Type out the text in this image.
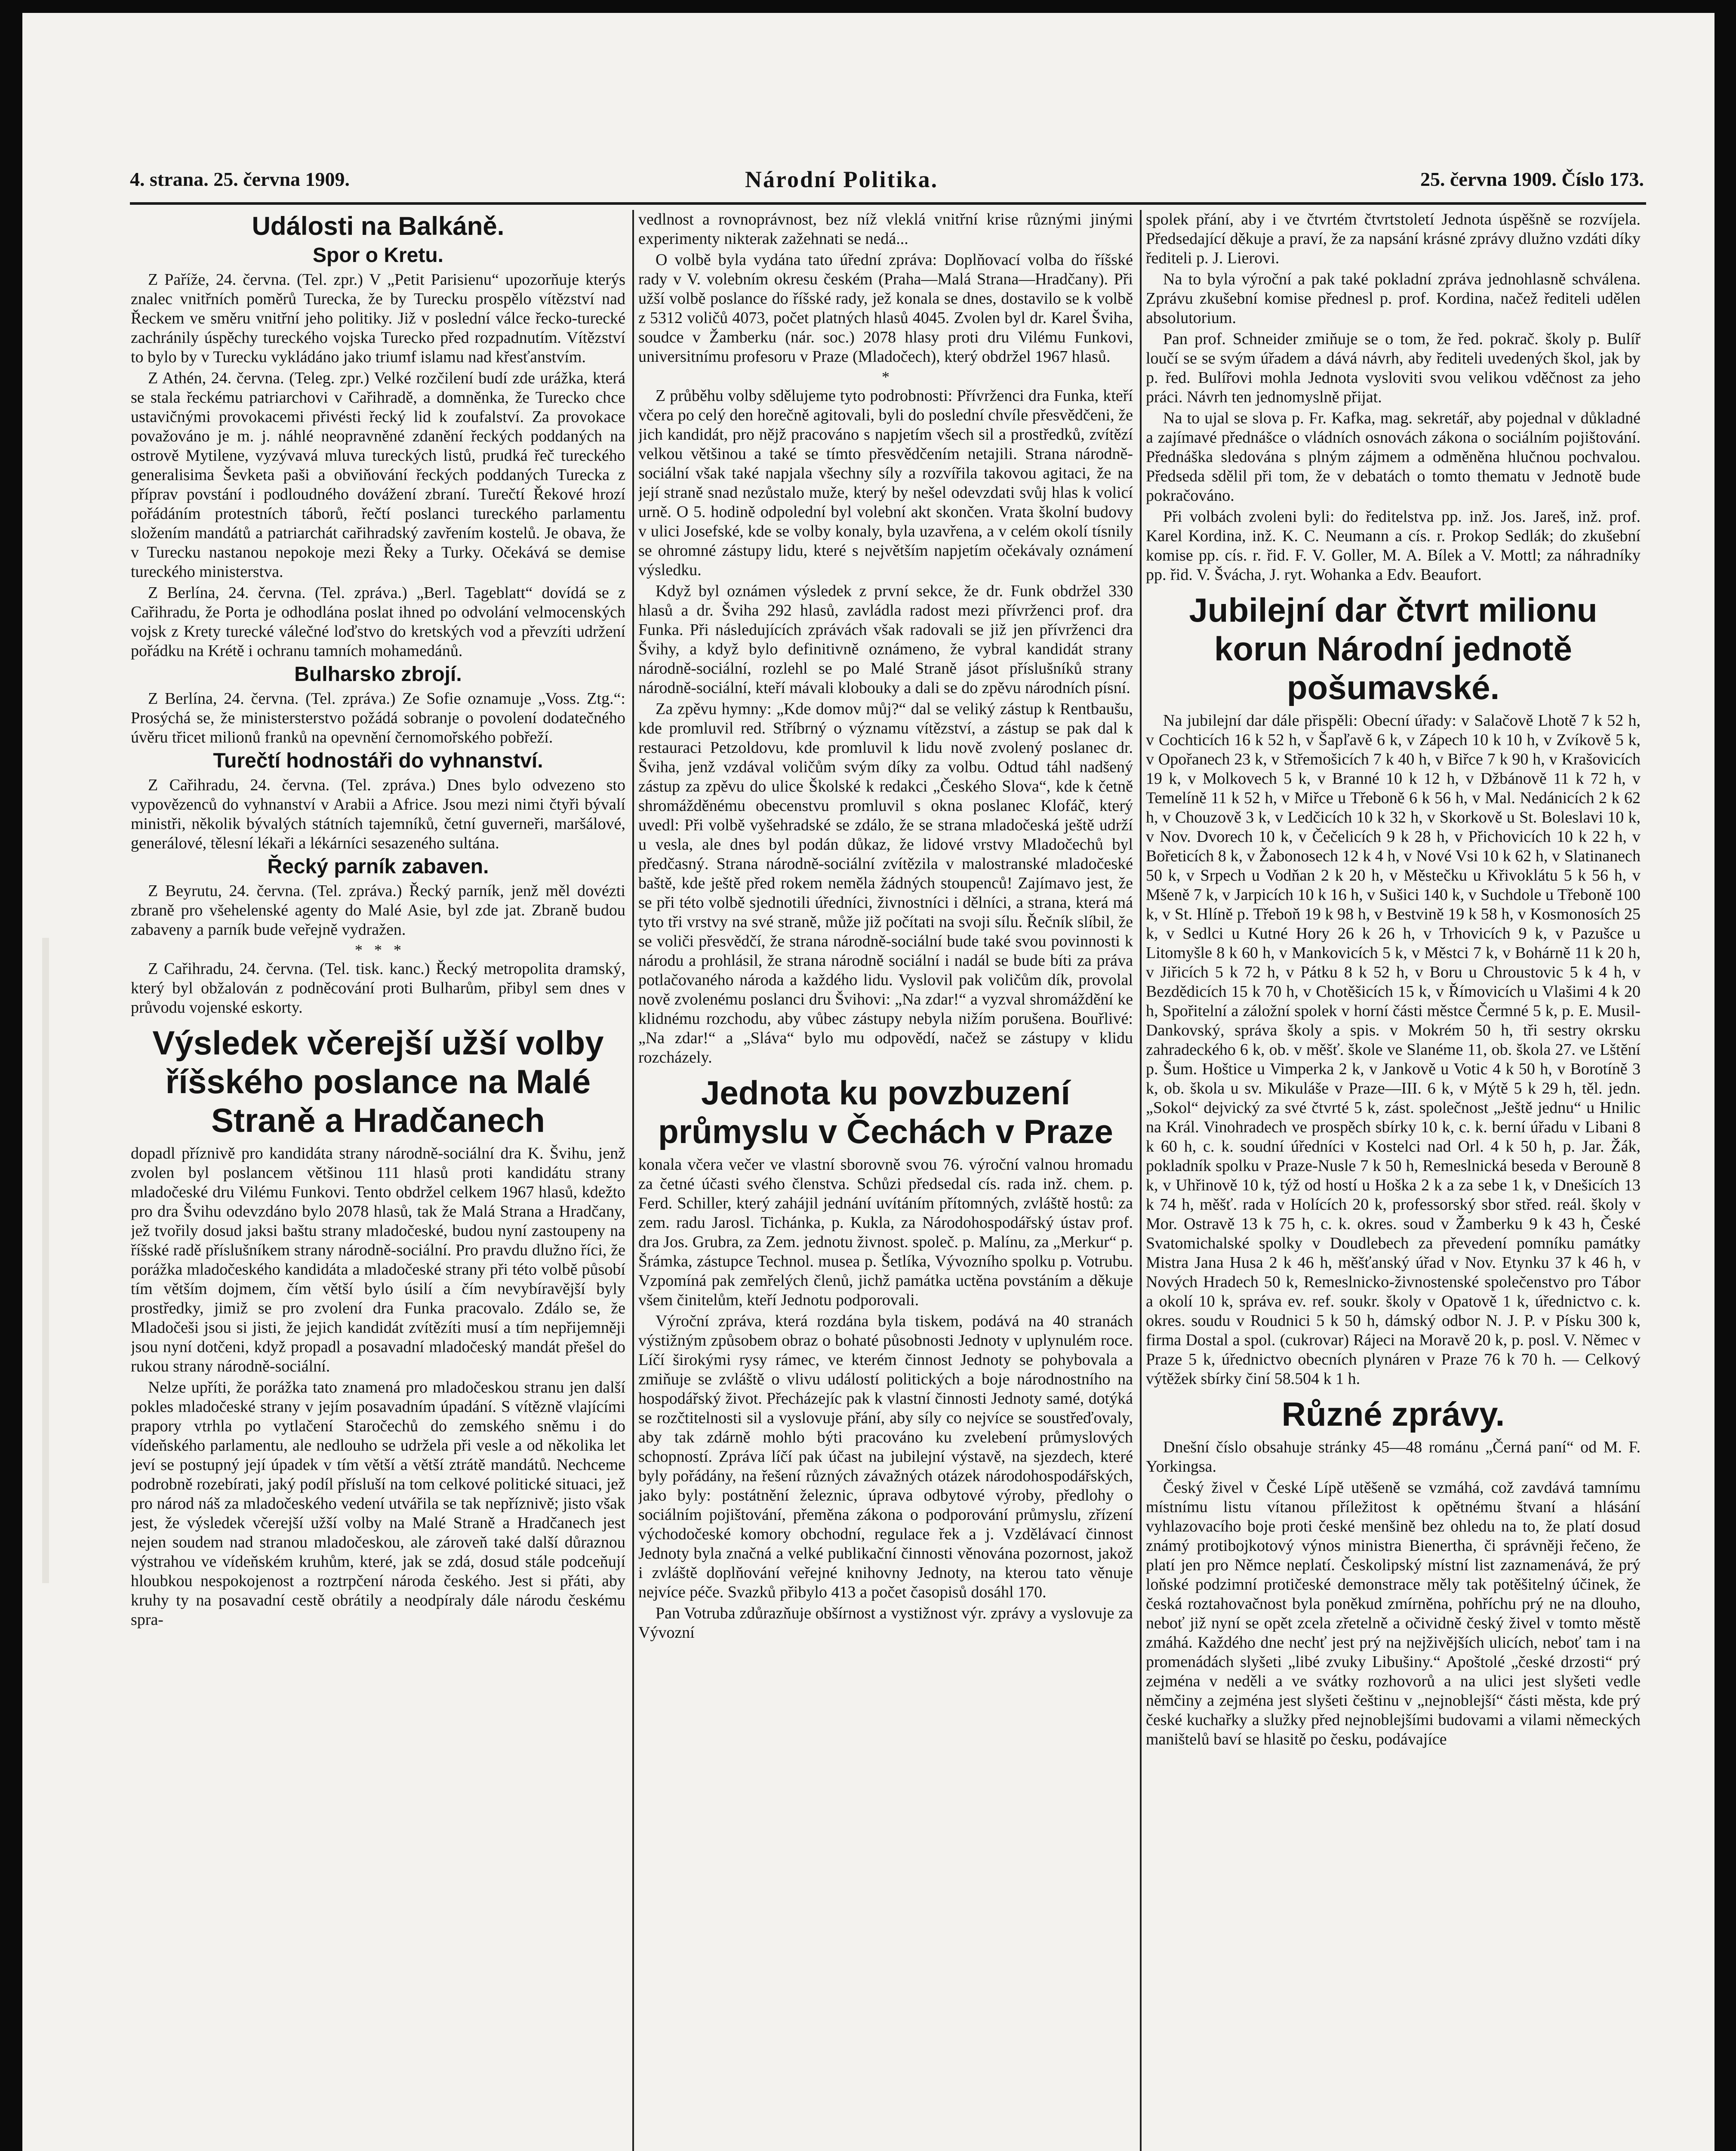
4. strana. 25. června 1909.	Národní Politika.	25. června 1909. Číslo 173.
Události na Balkáně.
Spor o Kretu.

Z Paříže, 24. června. (Tel. zpr.) V „Petit Parisienu“ upozorňuje kterýs znalec vnitřních poměrů Turecka, že by Turecku prospělo vítězství nad Řeckem ve směru vnitřní jeho politiky. Již v poslední válce řecko-turecké zachránily úspěchy tureckého vojska Turecko před rozpadnutím. Vítězství to bylo by v Turecku vykládáno jako triumf islamu nad křesťanstvím.

Z Athén, 24. června. (Teleg. zpr.) Velké rozčilení budí zde urážka, která se stala řeckému patriarchovi v Cařihradě, a domněnka, že Turecko chce ustavičnými provokacemi přivésti řecký lid k zoufalství. Za provokace považováno je m. j. náhlé neopravněné zdanění řeckých poddaných na ostrově Mytilene, vyzývavá mluva tureckých listů, prudká řeč tureckého generalisima Ševketa paši a obviňování řeckých poddaných Turecka z příprav povstání i podloudného dovážení zbraní. Turečtí Řekové hrozí pořádáním protestních táborů, řečtí poslanci tureckého parlamentu složením mandátů a patriarchát cařihradský zavřením kostelů. Je obava, že v Turecku nastanou nepokoje mezi Řeky a Turky. Očekává se demise tureckého ministerstva.

Z Berlína, 24. června. (Tel. zpráva.) „Berl. Tageblatt“ dovídá se z Cařihradu, že Porta je odhodlána poslat ihned po odvolání velmocenských vojsk z Krety turecké válečné loďstvo do kretských vod a převzíti udržení pořádku na Krétě i ochranu tamních mohamedánů.

Bulharsko zbrojí.

Z Berlína, 24. června. (Tel. zpráva.) Ze Sofie oznamuje „Voss. Ztg.“: Prosýchá se, že ministersterstvo požádá sobranje o povolení dodatečného úvěru třicet milionů franků na opevnění černomořského pobřeží.

Turečtí hodnostáři do vyhnanství.

Z Cařihradu, 24. června. (Tel. zpráva.) Dnes bylo odvezeno sto vypovězenců do vyhnanství v Arabii a Africe. Jsou mezi nimi čtyři bývalí ministři, několik bývalých státních tajemníků, četní guverneři, maršálové, generálové, tělesní lékaři a lékárníci sesazeného sultána.

Řecký parník zabaven.

Z Beyrutu, 24. června. (Tel. zpráva.) Řecký parník, jenž měl dovézti zbraně pro všehelenské agenty do Malé Asie, byl zde jat. Zbraně budou zabaveny a parník bude veřejně vydražen.

*   *   *

Z Cařihradu, 24. června. (Tel. tisk. kanc.) Řecký metropolita dramský, který byl obžalován z podněcování proti Bulharům, přibyl sem dnes v průvodu vojenské eskorty.

Výsledek včerejší užší volby říšského poslance na Malé Straně a Hradčanech

dopadl příznivě pro kandidáta strany národně-sociální dra K. Švihu, jenž zvolen byl poslancem většinou 111 hlasů proti kandidátu strany mladočeské dru Vilému Funkovi. Tento obdržel celkem 1967 hlasů, kdežto pro dra Švihu odevzdáno bylo 2078 hlasů, tak že Malá Strana a Hradčany, jež tvořily dosud jaksi baštu strany mladočeské, budou nyní zastoupeny na říšské radě příslušníkem strany národně-sociální. Pro pravdu dlužno říci, že porážka mladočeského kandidáta a mladočeské strany při této volbě působí tím větším dojmem, čím větší bylo úsilí a čím nevybíravější byly prostředky, jimiž se pro zvolení dra Funka pracovalo. Zdálo se, že Mladočeši jsou si jisti, že jejich kandidát zvítězíti musí a tím nepřijemněji jsou nyní dotčeni, když propadl a posavadní mladočeský mandát přešel do rukou strany národně-sociální.

Nelze upříti, že porážka tato znamená pro mladočeskou stranu jen další pokles mladočeské strany v jejím posavadním úpadání. S vítězně vlajícími prapory vtrhla po vytlačení Staročechů do zemského sněmu i do vídeňského parlamentu, ale nedlouho se udržela při vesle a od několika let jeví se postupný její úpadek v tím větší a větší ztrátě mandátů. Nechceme podrobně rozebírati, jaký podíl přísluší na tom celkové politické situaci, jež pro národ náš za mladočeského vedení utvářila se tak nepříznivě; jisto však jest, že výsledek včerejší užší volby na Malé Straně a Hradčanech jest nejen soudem nad stranou mladočeskou, ale zároveň také další důraznou výstrahou ve vídeňském kruhům, které, jak se zdá, dosud stále podceňují hloubkou nespokojenost a roztrpčení národa českého. Jest si přáti, aby kruhy ty na posavadní cestě obrátily a neodpíraly dále národu českému spra-

vedlnost a rovnoprávnost, bez níž vleklá vnitřní krise různými jinými experimenty nikterak zažehnati se nedá...

O volbě byla vydána tato úřední zpráva: Doplňovací volba do říšské rady v V. volebním okresu českém (Praha—Malá Strana—Hradčany). Při užší volbě poslance do říšské rady, jež konala se dnes, dostavilo se k volbě z 5312 voličů 4073, počet platných hlasů 4045. Zvolen byl dr. Karel Šviha, soudce v Žamberku (nár. soc.) 2078 hlasy proti dru Vilému Funkovi, universitnímu profesoru v Praze (Mladočech), který obdržel 1967 hlasů.

*

Z průběhu volby sdělujeme tyto podrobnosti: Přívrženci dra Funka, kteří včera po celý den horečně agitovali, byli do poslední chvíle přesvědčeni, že jich kandidát, pro nějž pracováno s napjetím všech sil a prostředků, zvítězí velkou většinou a také se tímto přesvědčením netajili. Strana národně-sociální však také napjala všechny síly a rozvířila takovou agitaci, že na její straně snad nezůstalo muže, který by nešel odevzdati svůj hlas k volicí urně. O 5. hodině odpolední byl volební akt skončen. Vrata školní budovy v ulici Josefské, kde se volby konaly, byla uzavřena, a v celém okolí tísnily se ohromné zástupy lidu, které s největším napjetím očekávaly oznámení výsledku.

Když byl oznámen výsledek z první sekce, že dr. Funk obdržel 330 hlasů a dr. Šviha 292 hlasů, zavládla radost mezi přívrženci prof. dra Funka. Při následujících zprávách však radovali se již jen přívrženci dra Švihy, a když bylo definitivně oznámeno, že vybral kandidát strany národně-sociální, rozlehl se po Malé Straně jásot příslušníků strany národně-sociální, kteří mávali klobouky a dali se do zpěvu národních písní.

Za zpěvu hymny: „Kde domov můj?“ dal se veliký zástup k Rentbaušu, kde promluvil red. Stříbrný o významu vítězství, a zástup se pak dal k restauraci Petzoldovu, kde promluvil k lidu nově zvolený poslanec dr. Šviha, jenž vzdával voličům svým díky za volbu. Odtud táhl nadšený zástup za zpěvu do ulice Školské k redakci „Českého Slova“, kde k četně shromážděnému obecenstvu promluvil s okna poslanec Klofáč, který uvedl: Při volbě vyšehradské se zdálo, že se strana mladočeská ještě udrží u vesla, ale dnes byl podán důkaz, že lidové vrstvy Mladočechů byl předčasný. Strana národně-sociální zvítězila v malostranské mladočeské baště, kde ještě před rokem neměla žádných stoupenců! Zajímavo jest, že se při této volbě sjednotili úředníci, živnostníci i dělníci, a strana, která má tyto tři vrstvy na své straně, může již počítati na svoji sílu. Řečník slíbil, že se voliči přesvědčí, že strana národně-sociální bude také svou povinnosti k národu a prohlásil, že strana národně sociální i nadál se bude bíti za práva potlačovaného národa a každého lidu. Vyslovil pak voličům dík, provolal nově zvolenému poslanci dru Švihovi: „Na zdar!“ a vyzval shromáždění ke klidnému rozchodu, aby vůbec zástupy nebyla nižím porušena. Bouřlivé: „Na zdar!“ a „Sláva“ bylo mu odpovědí, načež se zástupy v klidu rozcházely.

Jednota ku povzbuzení průmyslu v Čechách v Praze

konala včera večer ve vlastní sborovně svou 76. výroční valnou hromadu za četné účasti svého členstva. Schůzi předsedal cís. rada inž. chem. p. Ferd. Schiller, který zahájil jednání uvítáním přítomných, zvláště hostů: za zem. radu Jarosl. Tichánka, p. Kukla, za Národohospodářský ústav prof. dra Jos. Grubra, za Zem. jednotu živnost. společ. p. Malínu, za „Merkur“ p. Šrámka, zástupce Technol. musea p. Šetlíka, Vývozního spolku p. Votrubu. Vzpomíná pak zemřelých členů, jichž památka uctěna povstáním a děkuje všem činitelům, kteří Jednotu podporovali.

Výroční zpráva, která rozdána byla tiskem, podává na 40 stranách výstižným způsobem obraz o bohaté působnosti Jednoty v uplynulém roce. Líčí širokými rysy rámec, ve kterém činnost Jednoty se pohybovala a zmiňuje se zvláště o vlivu událostí politických a boje národnostního na hospodářský život. Přecházejíc pak k vlastní činnosti Jednoty samé, dotýká se rozčtitelnosti sil a vyslovuje přání, aby síly co nejvíce se soustřeďovaly, aby tak zdárně mohlo býti pracováno ku zvelebení průmyslových schopností. Zpráva líčí pak účast na jubilejní výstavě, na sjezdech, které byly pořádány, na řešení různých závažných otázek národohospodářských, jako byly: postátnění železnic, úprava odbytové výroby, předlohy o sociálním pojištování, přeměna zákona o podporování průmyslu, zřízení východočeské komory obchodní, regulace řek a j. Vzdělávací činnost Jednoty byla značná a velké publikační činnosti věnována pozornost, jakož i zvláště doplňování veřejné knihovny Jednoty, na kterou tato věnuje nejvíce péče. Svazků přibylo 413 a počet časopisů dosáhl 170.

Pan Votruba zdůrazňuje obšírnost a vystižnost výr. zprávy a vyslovuje za Vývozní

spolek přání, aby i ve čtvrtém čtvrtstoletí Jednota úspěšně se rozvíjela. Předsedající děkuje a praví, že za napsání krásné zprávy dlužno vzdáti díky řediteli p. J. Lierovi.

Na to byla výroční a pak také pokladní zpráva jednohlasně schválena. Zprávu zkušební komise přednesl p. prof. Kordina, načež řediteli udělen absolutorium.

Pan prof. Schneider zmiňuje se o tom, že řed. pokrač. školy p. Bulíř loučí se se svým úřadem a dává návrh, aby řediteli uvedených škol, jak by p. řed. Bulířovi mohla Jednota vysloviti svou velikou vděčnost za jeho práci. Návrh ten jednomyslně přijat.

Na to ujal se slova p. Fr. Kafka, mag. sekretář, aby pojednal v důkladné a zajímavé přednášce o vládních osnovách zákona o sociálním pojištování. Přednáška sledována s plným zájmem a odměněna hlučnou pochvalou. Předseda sdělil při tom, že v debatách o tomto thematu v Jednotě bude pokračováno.

Při volbách zvoleni byli: do ředitelstva pp. inž. Jos. Jareš, inž. prof. Karel Kordina, inž. K. C. Neumann a cís. r. Prokop Sedlák; do zkušební komise pp. cís. r. řid. F. V. Goller, M. A. Bílek a V. Mottl; za náhradníky pp. řid. V. Švácha, J. ryt. Wohanka a Edv. Beaufort.

Jubilejní dar čtvrt milionu korun Národní jednotě pošumavské.

Na jubilejní dar dále přispěli: Obecní úřady: v Salačově Lhotě 7 k 52 h, v Cochticích 16 k 52 h, v Šapľavě 6 k, v Zápech 10 k 10 h, v Zvíkově 5 k, v Opořanech 23 k, v Střemošicích 7 k 40 h, v Biřce 7 k 90 h, v Krašovicích 19 k, v Molkovech 5 k, v Branné 10 k 12 h, v Džbánově 11 k 72 h, v Temelíně 11 k 52 h, v Miřce u Třeboně 6 k 56 h, v Mal. Nedánicích 2 k 62 h, v Chouzově 3 k, v Ledčicích 10 k 32 h, v Skorkově u St. Boleslavi 10 k, v Nov. Dvorech 10 k, v Čečelicích 9 k 28 h, v Přichovicích 10 k 22 h, v Bořeticích 8 k, v Žabonosech 12 k 4 h, v Nové Vsi 10 k 62 h, v Slatinanech 50 k, v Srpech u Vodňan 2 k 20 h, v Městečku u Křivoklátu 5 k 56 h, v Mšeně 7 k, v Jarpicích 10 k 16 h, v Sušici 140 k, v Suchdole u Třeboně 100 k, v St. Hlíně p. Třeboň 19 k 98 h, v Bestvině 19 k 58 h, v Kosmonosích 25 k, v Sedlci u Kutné Hory 26 k 26 h, v Trhovicích 9 k, v Pazušce u Litomyšle 8 k 60 h, v Mankovicích 5 k, v Městci 7 k, v Bohárně 11 k 20 h, v Jiřicích 5 k 72 h, v Pátku 8 k 52 h, v Boru u Chroustovic 5 k 4 h, v Bezdědicích 15 k 70 h, v Chotěšicích 15 k, v Římovicích u Vlašimi 4 k 20 h, Spořitelní a záložní spolek v horní části městce Čermné 5 k, p. E. Musil-Dankovský, správa školy a spis. v Mokrém 50 h, tři sestry okrsku zahradeckého 6 k, ob. v měšť. škole ve Slanéme 11, ob. škola 27. ve Lštění p. Šum. Hoštice u Vimperka 2 k, v Jankově u Votic 4 k 50 h, v Borotíně 3 k, ob. škola u sv. Mikuláše v Praze—III. 6 k, v Mýtě 5 k 29 h, těl. jedn. „Sokol“ dejvický za své čtvrté 5 k, zást. společnost „Ještě jednu“ u Hnilic na Král. Vinohradech ve prospěch sbírky 10 k, c. k. berní úřadu v Libani 8 k 60 h, c. k. soudní úředníci v Kostelci nad Orl. 4 k 50 h, p. Jar. Žák, pokladník spolku v Praze-Nusle 7 k 50 h, Remeslnická beseda v Berouně 8 k, v Uhřinově 10 k, týž od hostí u Hoška 2 k a za sebe 1 k, v Dnešicích 13 k 74 h, měšť. rada v Holících 20 k, professorský sbor střed. reál. školy v Mor. Ostravě 13 k 75 h, c. k. okres. soud v Žamberku 9 k 43 h, České Svatomichalské spolky v Doudlebech za převedení pomníku památky Mistra Jana Husa 2 k 46 h, měšťanský úřad v Nov. Etynku 37 k 46 h, v Nových Hradech 50 k, Remeslnicko-živnostenské společenstvo pro Tábor a okolí 10 k, správa ev. ref. soukr. školy v Opatově 1 k, úřednictvo c. k. okres. soudu v Roudnici 5 k 50 h, dámský odbor N. J. P. v Písku 300 k, firma Dostal a spol. (cukrovar) Rájeci na Moravě 20 k, p. posl. V. Němec v Praze 5 k, úřednictvo obecních plynáren v Praze 76 k 70 h. — Celkový výtěžek sbírky činí 58.504 k 1 h.

Různé zprávy.

Dnešní číslo obsahuje stránky 45—48 románu „Černá paní“ od M. F. Yorkingsa.

Český živel v České Lípě utěšeně se vzmáhá, což zavdává tamnímu místnímu listu vítanou příležitost k opětnému štvaní a hlásání vyhlazovacího boje proti české menšině bez ohledu na to, že platí dosud známý protibojkotový výnos ministra Bienertha, či správněji řečeno, že platí jen pro Němce neplatí. Českolipský místní list zaznamenává, že prý loňské podzimní protičeské demonstrace měly tak potěšitelný účinek, že česká roztahovačnost byla poněkud zmírněna, pohříchu prý ne na dlouho, neboť již nyní se opět zcela zřetelně a očividně český živel v tomto městě zmáhá. Každého dne nechť jest prý na nejživějších ulicích, neboť tam i na promenádách slyšeti „libé zvuky Libušiny.“ Apoštolé „české drzosti“ prý zejména v neděli a ve svátky rozhovorů a na ulici jest slyšeti vedle němčiny a zejména jest slyšeti češtinu v „nejnoblejší“ části města, kde prý české kuchařky a služky před nejnoblejšími budovami a vilami německých maništelů baví se hlasitě po česku, podávajíce
